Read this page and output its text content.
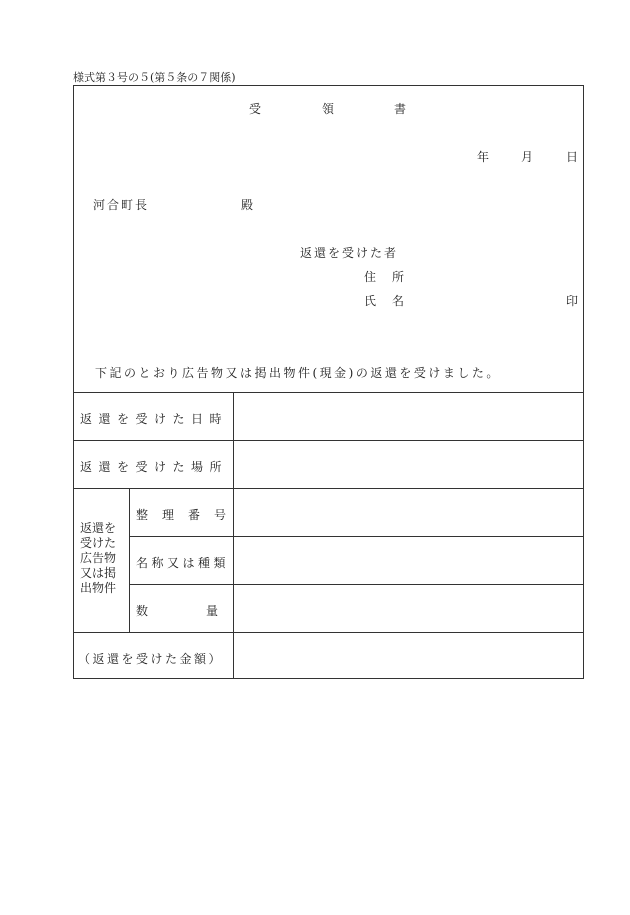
様式第３号の５(第５条の７関係)
受	領	書
年	月	日
河合町長	殿
返還を受けた者
住　所
氏　名	印
下記のとおり広告物又は掲出物件(現金)の返還を受けました。
返還を受けた日時
返還を受けた場所
返還を
受けた
広告物
又は掲
出物件
整理番号
名称又は種類
数量
（返還を受けた金額）
